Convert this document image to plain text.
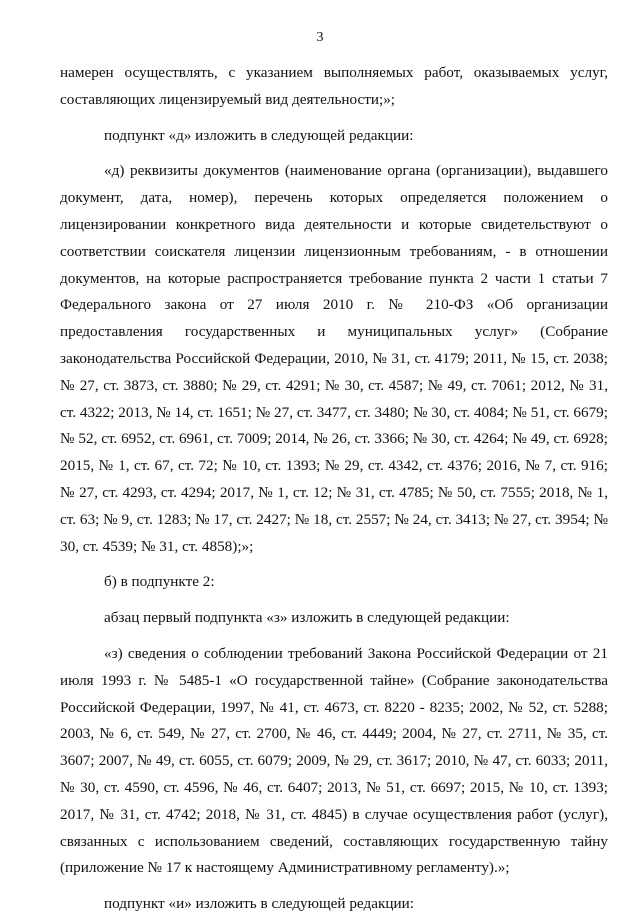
3

намерен осуществлять, с указанием выполняемых работ, оказываемых услуг, составляющих лицензируемый вид деятельности;»;

подпункт «д» изложить в следующей редакции:

«д) реквизиты документов (наименование органа (организации), выдавшего документ, дата, номер), перечень которых определяется положением о лицензировании конкретного вида деятельности и которые свидетельствуют о соответствии соискателя лицензии лицензионным требованиям, - в отношении документов, на которые распространяется требование пункта 2 части 1 статьи 7 Федерального закона от 27 июля 2010 г. № 210-ФЗ «Об организации предоставления государственных и муниципальных услуг» (Собрание законодательства Российской Федерации, 2010, № 31, ст. 4179; 2011, № 15, ст. 2038; № 27, ст. 3873, ст. 3880; № 29, ст. 4291; № 30, ст. 4587; № 49, ст. 7061; 2012, № 31, ст. 4322; 2013, № 14, ст. 1651; № 27, ст. 3477, ст. 3480; № 30, ст. 4084; № 51, ст. 6679; № 52, ст. 6952, ст. 6961, ст. 7009; 2014, № 26, ст. 3366; № 30, ст. 4264; № 49, ст. 6928; 2015, № 1, ст. 67, ст. 72; № 10, ст. 1393; № 29, ст. 4342, ст. 4376; 2016, № 7, ст. 916; № 27, ст. 4293, ст. 4294; 2017, № 1, ст. 12; № 31, ст. 4785; № 50, ст. 7555; 2018, № 1, ст. 63; № 9, ст. 1283; № 17, ст. 2427; № 18, ст. 2557; № 24, ст. 3413; № 27, ст. 3954; № 30, ст. 4539; № 31, ст. 4858);»;

б) в подпункте 2:

абзац первый подпункта «з» изложить в следующей редакции:

«з) сведения о соблюдении требований Закона Российской Федерации от 21 июля 1993 г. № 5485-1 «О государственной тайне» (Собрание законодательства Российской Федерации, 1997, № 41, ст. 4673, ст. 8220 - 8235; 2002, № 52, ст. 5288; 2003, № 6, ст. 549, № 27, ст. 2700, № 46, ст. 4449; 2004, № 27, ст. 2711, № 35, ст. 3607; 2007, № 49, ст. 6055, ст. 6079; 2009, № 29, ст. 3617; 2010, № 47, ст. 6033; 2011, № 30, ст. 4590, ст. 4596, № 46, ст. 6407; 2013, № 51, ст. 6697; 2015, № 10, ст. 1393; 2017, № 31, ст. 4742; 2018, № 31, ст. 4845) в случае осуществления работ (услуг), связанных с использованием сведений, составляющих государственную тайну (приложение № 17 к настоящему Административному регламенту).»;

подпункт «и» изложить в следующей редакции:
